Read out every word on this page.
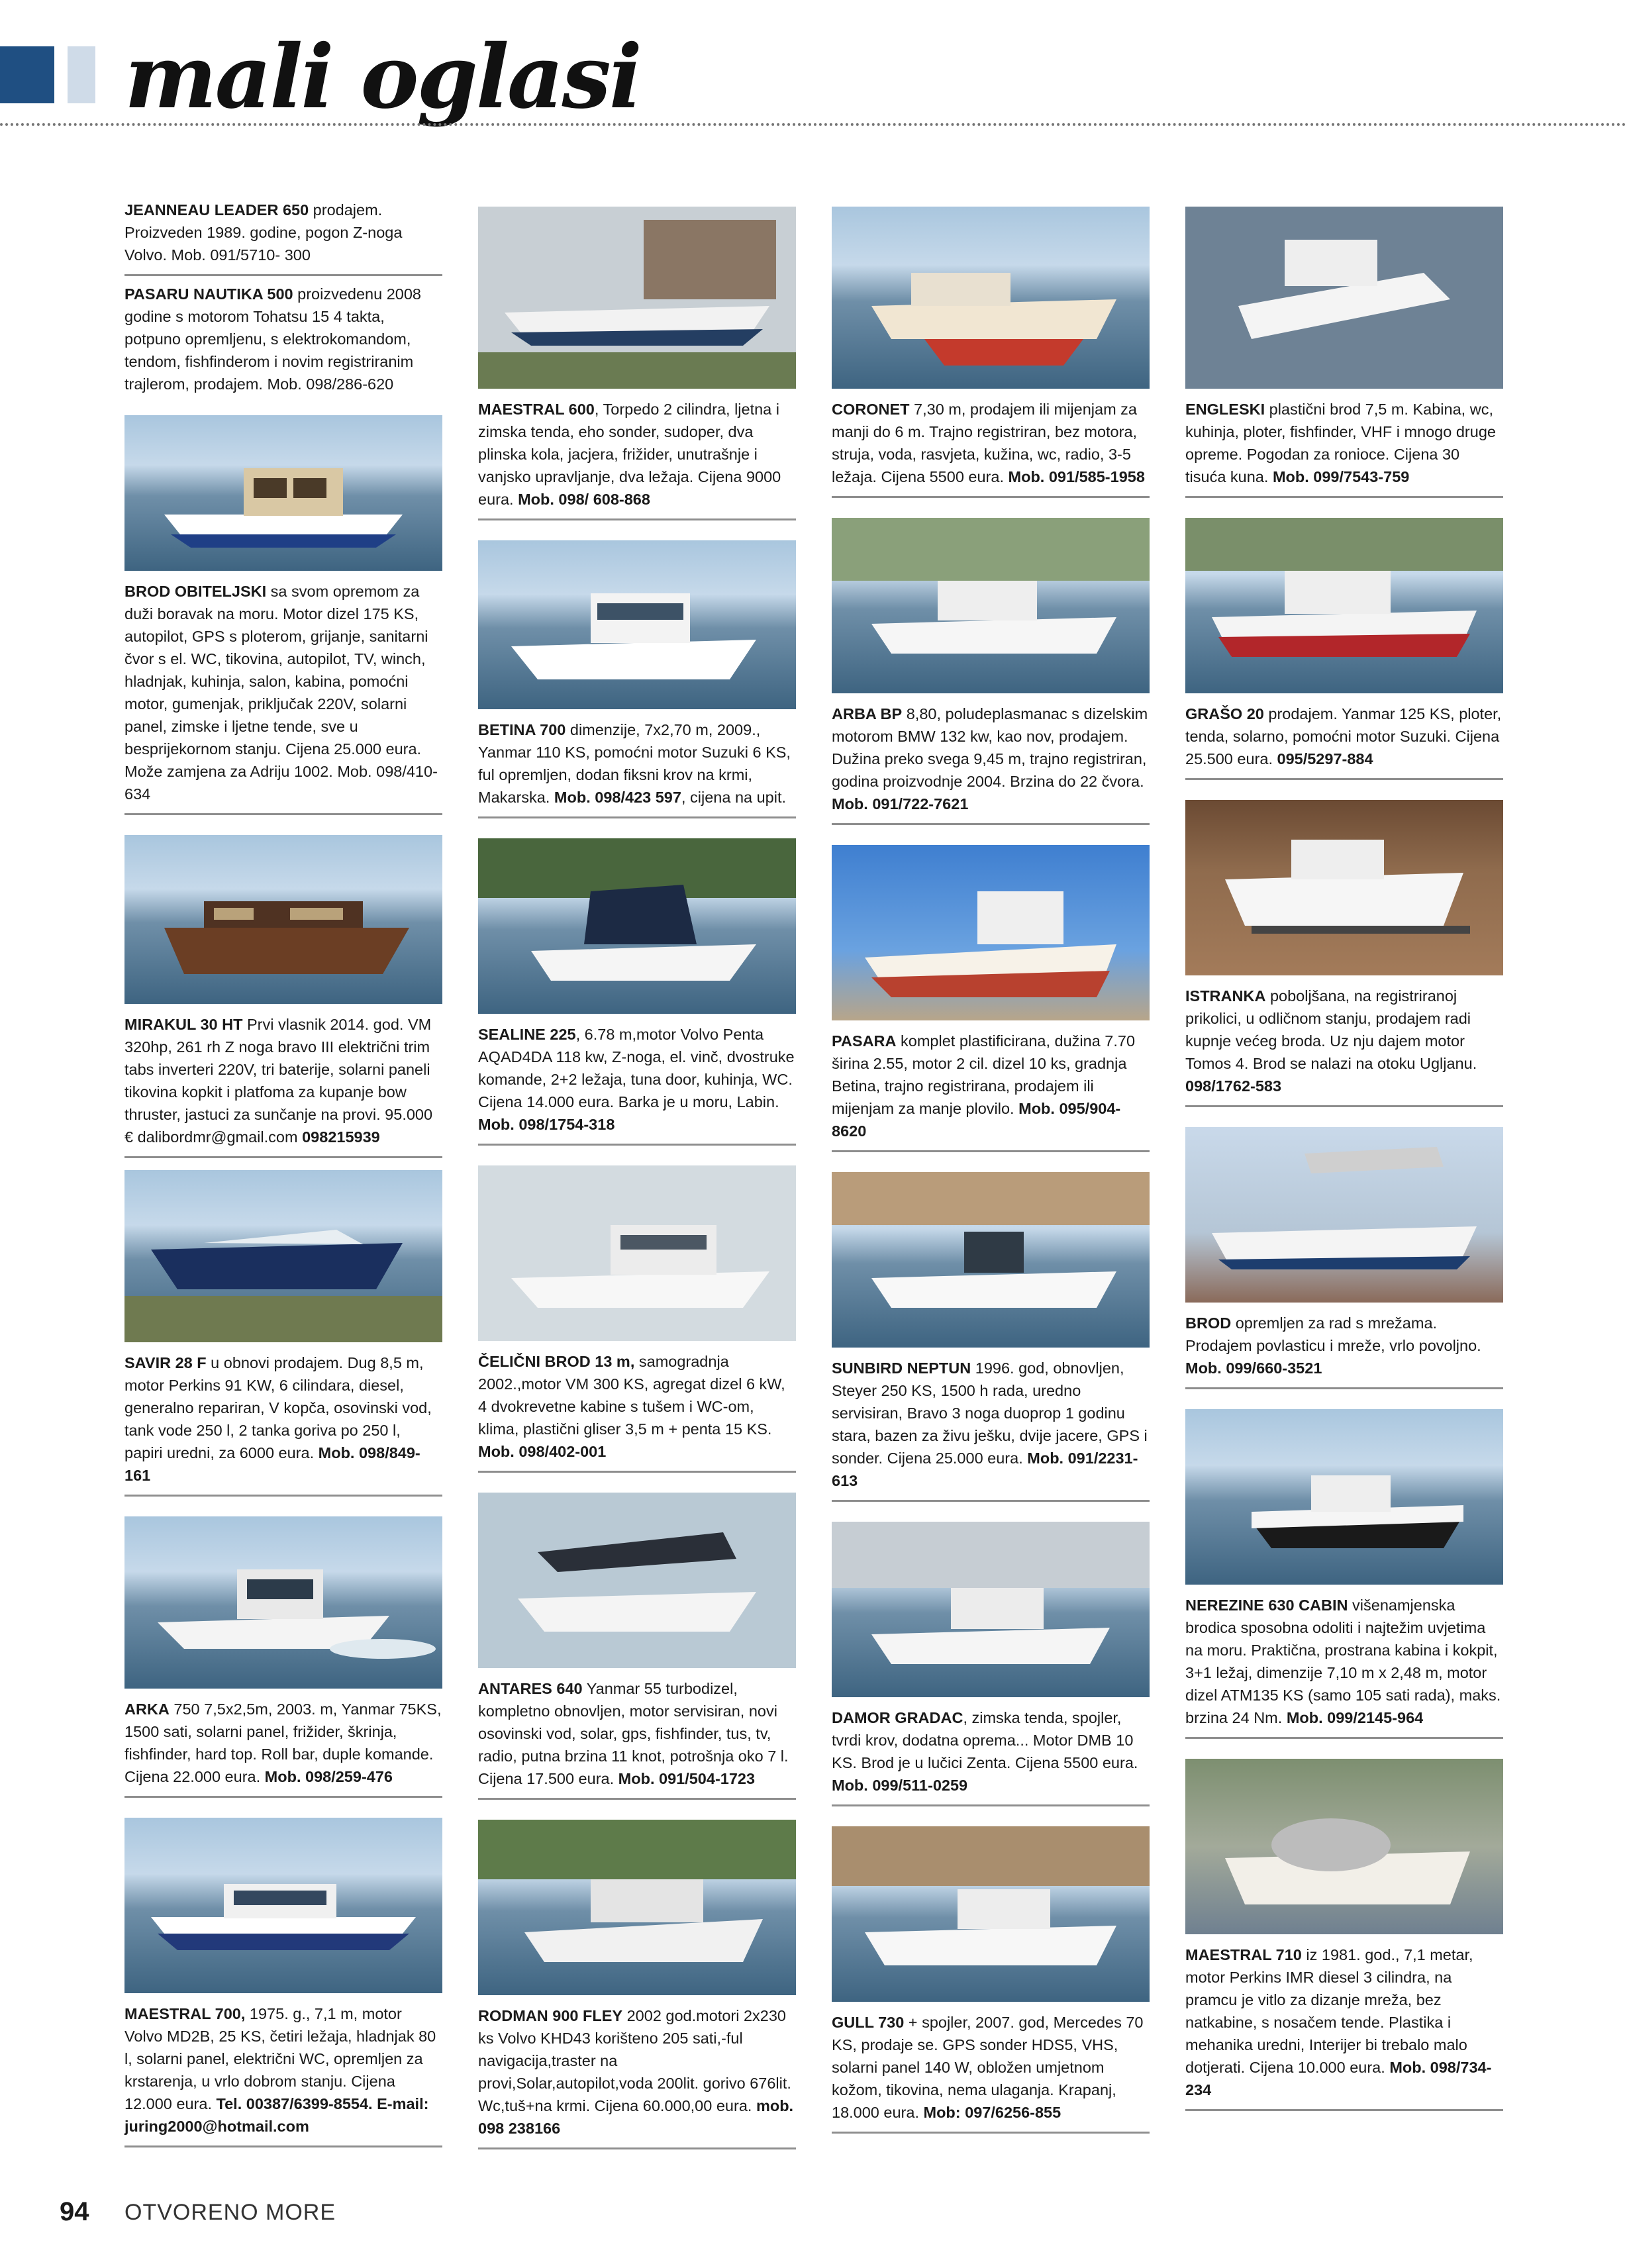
mali oglasi

JEANNEAU LEADER 650 prodajem. Proizveden 1989. godine, pogon Z-noga Volvo. Mob. 091/5710- 300

PASARU NAUTIKA 500 proizvedenu 2008 godine s motorom Tohatsu 15 4 takta, potpuno opremljenu, s elektrokomandom, tendom, fishfinderom i novim registriranim trajlerom, prodajem. Mob. 098/286-620

BROD OBITELJSKI sa svom opremom za duži boravak na moru. Motor dizel 175 KS, autopilot, GPS s ploterom, grijanje, sanitarni čvor s el. WC, tikovina, autopilot, TV, winch, hladnjak, kuhinja, salon, kabina, pomoćni motor, gumenjak, priključak 220V, solarni panel, zimske i ljetne tende, sve u besprijekornom stanju. Cijena 25.000 eura. Može zamjena za Adriju 1002. Mob. 098/410-634

MIRAKUL 30 HT Prvi vlasnik 2014. god. VM 320hp, 261 rh Z noga bravo III električni trim tabs inverteri 220V, tri baterije, solarni paneli tikovina kopkit i platfoma za kupanje bow thruster, jastuci za sunčanje na provi. 95.000 € dalibordmr@gmail.com 098215939

SAVIR 28 F u obnovi prodajem. Dug 8,5 m, motor Perkins 91 KW, 6 cilindara, diesel, generalno repariran, V kopča, osovinski vod, tank vode 250 l, 2 tanka goriva po 250 l, papiri uredni, za 6000 eura. Mob. 098/849-161

ARKA 750 7,5x2,5m, 2003. m, Yanmar 75KS, 1500 sati, solarni panel, frižider, škrinja, fishfinder, hard top. Roll bar, duple komande. Cijena 22.000 eura. Mob. 098/259-476

MAESTRAL 700, 1975. g., 7,1 m, motor Volvo MD2B, 25 KS, četiri ležaja, hladnjak 80 l, solarni panel, električni WC, opremljen za krstarenja, u vrlo dobrom stanju. Cijena 12.000 eura. Tel. 00387/6399-8554. E-mail: juring2000@hotmail.com

MAESTRAL 600, Torpedo 2 cilindra, ljetna i zimska tenda, eho sonder, sudoper, dva plinska kola, jacjera, frižider, unutrašnje i vanjsko upravljanje, dva ležaja. Cijena 9000 eura. Mob. 098/ 608-868

BETINA 700 dimenzije, 7x2,70 m, 2009., Yanmar 110 KS, pomoćni motor Suzuki 6 KS, ful opremljen, dodan fiksni krov na krmi, Makarska. Mob. 098/423 597, cijena na upit.

SEALINE 225, 6.78 m,motor Volvo Penta AQAD4DA 118 kw, Z-noga, el. vinč, dvostruke komande, 2+2 ležaja, tuna door, kuhinja, WC. Cijena 14.000 eura. Barka je u moru, Labin. Mob. 098/1754-318

ČELIČNI BROD 13 m, samogradnja 2002.,motor VM 300 KS, agregat dizel 6 kW, 4 dvokrevetne kabine s tušem i WC-om, klima, plastični gliser 3,5 m + penta 15 KS. Mob. 098/402-001

ANTARES 640 Yanmar 55 turbodizel, kompletno obnovljen, motor servisiran, novi osovinski vod, solar, gps, fishfinder, tus, tv, radio, putna brzina 11 knot, potrošnja oko 7 l. Cijena 17.500 eura. Mob. 091/504-1723

RODMAN 900 FLEY 2002 god.motori 2x230 ks Volvo KHD43 korišteno 205 sati,-ful navigacija,traster na provi,Solar,autopilot,voda 200lit. gorivo 676lit. Wc,tuš+na krmi. Cijena 60.000,00 eura. mob. 098 238166

CORONET 7,30 m, prodajem ili mijenjam za manji do 6 m. Trajno registriran, bez motora, struja, voda, rasvjeta, kužina, wc, radio, 3-5 ležaja. Cijena 5500 eura. Mob. 091/585-1958

ARBA BP 8,80, poludeplasmanac s dizelskim motorom BMW 132 kw, kao nov, prodajem. Dužina preko svega 9,45 m, trajno registriran, godina proizvodnje 2004. Brzina do 22 čvora. Mob. 091/722-7621

PASARA komplet plastificirana, dužina 7.70 širina 2.55, motor 2 cil. dizel 10 ks, gradnja Betina, trajno registrirana, prodajem ili mijenjam za manje plovilo. Mob. 095/904-8620

SUNBIRD NEPTUN 1996. god, obnovljen, Steyer 250 KS, 1500 h rada, uredno servisiran, Bravo 3 noga duoprop 1 godinu stara, bazen za živu ješku, dvije jacere, GPS i sonder. Cijena 25.000 eura. Mob. 091/2231-613

DAMOR GRADAC, zimska tenda, spojler, tvrdi krov, dodatna oprema... Motor DMB 10 KS. Brod je u lučici Zenta. Cijena 5500 eura. Mob. 099/511-0259

GULL 730 + spojler, 2007. god, Mercedes 70 KS, prodaje se. GPS sonder HDS5, VHS, solarni panel 140 W, obložen umjetnom kožom, tikovina, nema ulaganja. Krapanj, 18.000 eura. Mob: 097/6256-855

ENGLESKI plastični brod 7,5 m. Kabina, wc, kuhinja, ploter, fishfinder, VHF i mnogo druge opreme. Pogodan za ronioce. Cijena 30 tisuća kuna. Mob. 099/7543-759

GRAŠO 20 prodajem. Yanmar 125 KS, ploter, tenda, solarno, pomoćni motor Suzuki. Cijena 25.500 eura. 095/5297-884

ISTRANKA poboljšana, na registriranoj prikolici, u odličnom stanju, prodajem radi kupnje većeg broda. Uz nju dajem motor Tomos 4. Brod se nalazi na otoku Ugljanu. 098/1762-583

BROD opremljen za rad s mrežama. Prodajem povlasticu i mreže, vrlo povoljno. Mob. 099/660-3521

NEREZINE 630 CABIN višenamjenska brodica sposobna odoliti i najtežim uvjetima na moru. Praktična, prostrana kabina i kokpit, 3+1 ležaj, dimenzije 7,10 m x 2,48 m, motor dizel ATM135 KS (samo 105 sati rada), maks. brzina 24 Nm. Mob. 099/2145-964

MAESTRAL 710 iz 1981. god., 7,1 metar, motor Perkins IMR diesel 3 cilindra, na pramcu je vitlo za dizanje mreža, bez natkabine, s nosačem tende. Plastika i mehanika uredni, Interijer bi trebalo malo dotjerati. Cijena 10.000 eura. Mob. 098/734-234

94 OTVORENO MORE
